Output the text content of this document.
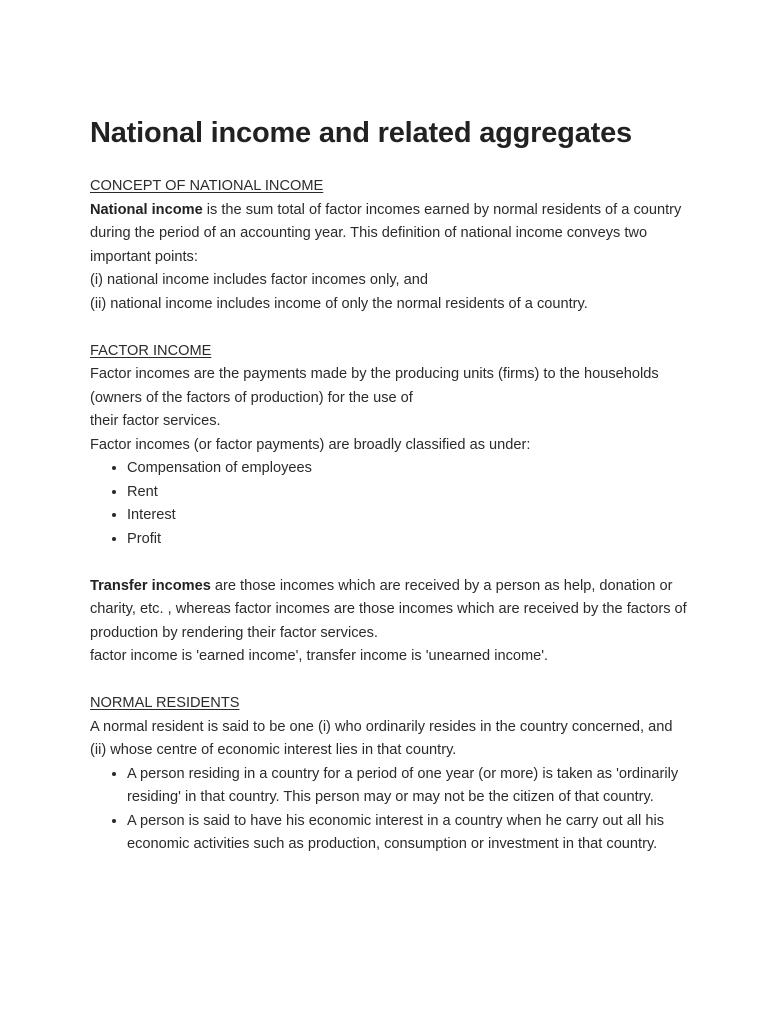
National income and related aggregates

CONCEPT OF NATIONAL INCOME

National income is the sum total of factor incomes earned by normal residents of a country during the period of an accounting year. This definition of national income conveys two important points:

(i) national income includes factor incomes only, and

(ii) national income includes income of only the normal residents of a country.

FACTOR INCOME

Factor incomes are the payments made by the producing units (firms) to the households (owners of the factors of production) for the use of

their factor services.

Factor incomes (or factor payments) are broadly classified as under:

• Compensation of employees
• Rent
• Interest
• Profit

Transfer incomes are those incomes which are received by a person as help, donation or charity, etc. , whereas factor incomes are those incomes which are received by the factors of production by rendering their factor services.

factor income is 'earned income', transfer income is 'unearned income'.

NORMAL RESIDENTS

A normal resident is said to be one (i) who ordinarily resides in the country concerned, and (ii) whose centre of economic interest lies in that country.

• A person residing in a country for a period of one year (or more) is taken as 'ordinarily residing' in that country. This person may or may not be the citizen of that country.
• A person is said to have his economic interest in a country when he carry out all his economic activities such as production, consumption or investment in that country.
